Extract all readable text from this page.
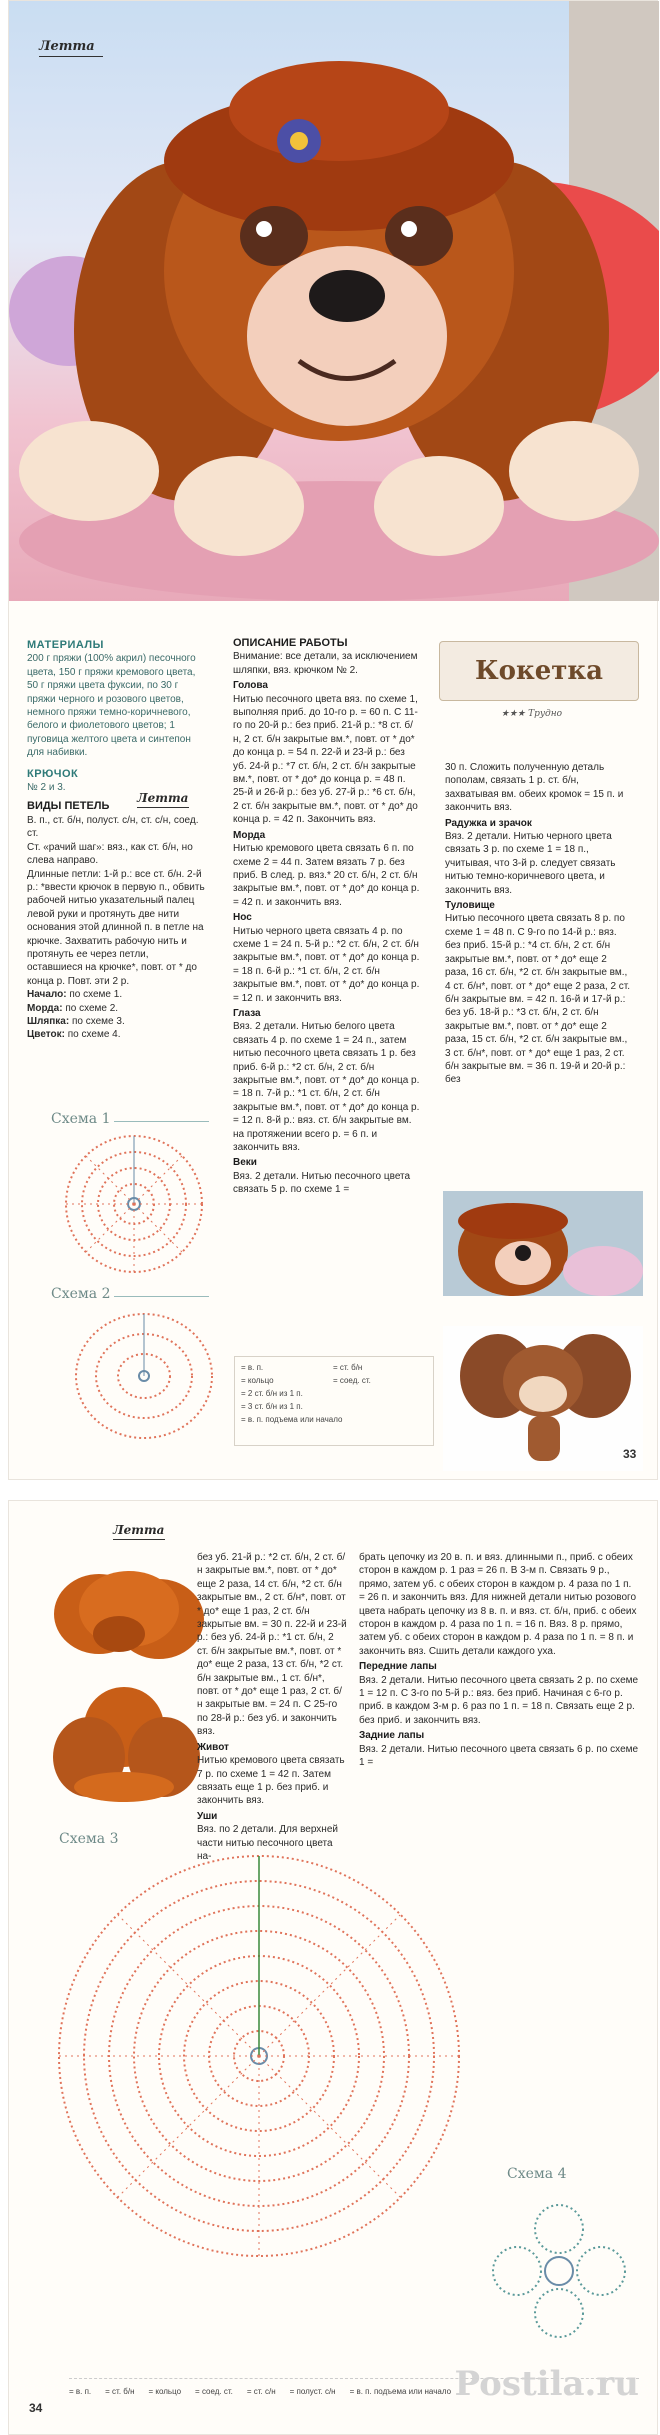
Летта
МАТЕРИАЛЫ
200 г пряжи (100% акрил) песочного цвета, 150 г пряжи кремового цвета, 50 г пряжи цвета фуксии, по 30 г пряжи черного и розового цветов, немного пряжи темно-коричневого, белого и фиолетового цветов; 1 пуговица желтого цвета и синтепон для набивки.
КРЮЧОК
№ 2 и 3.
ВИДЫ ПЕТЕЛЬ
В. п., ст. б/н, полуст. с/н, ст. с/н, соед. ст.
Ст. «рачий шаг»: вяз., как ст. б/н, но слева направо.
Длинные петли: 1-й р.: все ст. б/н. 2-й р.: *ввести крючок в первую п., обвить рабочей нитью указательный палец левой руки и протянуть две нити основания этой длинной п. в петле на крючке. Захватить рабочую нить и протянуть ее через петли, оставшиеся на крючке*, повт. от * до конца р. Повт. эти 2 р.
Начало: по схеме 1.
Морда: по схеме 2.
Шляпка: по схеме 3.
Цветок: по схеме 4.
Летта
Схема 1
Схема 2
ОПИСАНИЕ РАБОТЫ
Внимание: все детали, за исключением шляпки, вяз. крючком № 2.
Голова
Нитью песочного цвета вяз. по схеме 1, выполняя приб. до 10-го р. = 60 п. С 11-го по 20-й р.: без приб. 21-й р.: *8 ст. б/н, 2 ст. б/н закрытые вм.*, повт. от * до* до конца р. = 54 п. 22-й и 23-й р.: без уб. 24-й р.: *7 ст. б/н, 2 ст. б/н закрытые вм.*, повт. от * до* до конца р. = 48 п. 25-й и 26-й р.: без уб. 27-й р.: *6 ст. б/н, 2 ст. б/н закрытые вм.*, повт. от * до* до конца р. = 42 п. Закончить вяз.
Морда
Нитью кремового цвета связать 6 п. по схеме 2 = 44 п. Затем вязать 7 р. без приб. В след. р. вяз.* 20 ст. б/н, 2 ст. б/н закрытые вм.*, повт. от * до* до конца р. = 42 п. и закончить вяз.
Нос
Нитью черного цвета связать 4 р. по схеме 1 = 24 п. 5-й р.: *2 ст. б/н, 2 ст. б/н закрытые вм.*, повт. от * до* до конца р. = 18 п. 6-й р.: *1 ст. б/н, 2 ст. б/н закрытые вм.*, повт. от * до* до конца р. = 12 п. и закончить вяз.
Глаза
Вяз. 2 детали. Нитью белого цвета связать 4 р. по схеме 1 = 24 п., затем нитью песочного цвета связать 1 р. без приб. 6-й р.: *2 ст. б/н, 2 ст. б/н закрытые вм.*, повт. от * до* до конца р. = 18 п. 7-й р.: *1 ст. б/н, 2 ст. б/н закрытые вм.*, повт. от * до* до конца р. = 12 п. 8-й р.: вяз. ст. б/н закрытые вм. на протяжении всего р. = 6 п. и закончить вяз.
Веки
Вяз. 2 детали. Нитью песочного цвета связать 5 р. по схеме 1 =
= в. п.	= ст. б/н = кольцо	= соед. ст. = 2 ст. б/н из 1 п. = 3 ст. б/н из 1 п. = в. п. подъема или начало
Кокетка
★★★ Трудно
30 п. Сложить полученную деталь пополам, связать 1 р. ст. б/н, захватывая вм. обеих кромок = 15 п. и закончить вяз.
Радужка и зрачок
Вяз. 2 детали. Нитью черного цвета связать 3 р. по схеме 1 = 18 п., учитывая, что 3-й р. следует связать нитью темно-коричневого цвета, и закончить вяз.
Туловище
Нитью песочного цвета связать 8 р. по схеме 1 = 48 п. С 9-го по 14-й р.: вяз. без приб. 15-й р.: *4 ст. б/н, 2 ст. б/н закрытые вм.*, повт. от * до* еще 2 раза, 16 ст. б/н, *2 ст. б/н закрытые вм., 4 ст. б/н*, повт. от * до* еще 2 раза, 2 ст. б/н закрытые вм. = 42 п. 16-й и 17-й р.: без уб. 18-й р.: *3 ст. б/н, 2 ст. б/н закрытые вм.*, повт. от * до* еще 2 раза, 15 ст. б/н, *2 ст. б/н закрытые вм., 3 ст. б/н*, повт. от * до* еще 1 раз, 2 ст. б/н закрытые вм. = 36 п. 19-й и 20-й р.: без
33
Летта
без уб. 21-й р.: *2 ст. б/н, 2 ст. б/н закрытые вм.*, повт. от * до* еще 2 раза, 14 ст. б/н, *2 ст. б/н закрытые вм., 2 ст. б/н*, повт. от * до* еще 1 раз, 2 ст. б/н закрытые вм. = 30 п. 22-й и 23-й р.: без уб. 24-й р.: *1 ст. б/н, 2 ст. б/н закрытые вм.*, повт. от * до* еще 2 раза, 13 ст. б/н, *2 ст. б/н закрытые вм., 1 ст. б/н*, повт. от * до* еще 1 раз, 2 ст. б/н закрытые вм. = 24 п. С 25-го по 28-й р.: без уб. и закончить вяз.
Живот
Нитью кремового цвета связать 7 р. по схеме 1 = 42 п. Затем связать еще 1 р. без приб. и закончить вяз.
Уши
Вяз. по 2 детали. Для верхней части нитью песочного цвета на-
брать цепочку из 20 в. п. и вяз. длинными п., приб. с обеих сторон в каждом р. 1 раз = 26 п. В 3-м п. Связать 9 р., прямо, затем уб. с обеих сторон в каждом р. 4 раза по 1 п. = 26 п. и закончить вяз. Для нижней детали нитью розового цвета набрать цепочку из 8 в. п. и вяз. ст. б/н, приб. с обеих сторон в каждом р. 4 раза по 1 п. = 16 п. Вяз. 8 р. прямо, затем уб. с обеих сторон в каждом р. 4 раза по 1 п. = 8 п. и закончить вяз. Сшить детали каждого уха.
Передние лапы
Вяз. 2 детали. Нитью песочного цвета связать 2 р. по схеме 1 = 12 п. С 3-го по 5-й р.: вяз. без приб. Начиная с 6-го р. приб. в каждом 3-м р. 6 раз по 1 п. = 18 п. Связать еще 2 р. без приб. и закончить вяз.
Задние лапы
Вяз. 2 детали. Нитью песочного цвета связать 6 р. по схеме 1 =
Схема 3
Схема 4
= в. п. = ст. б/н = кольцо = соед. ст. = ст. с/н = полуст. с/н = в. п. подъема или начало
34
Postila.ru
